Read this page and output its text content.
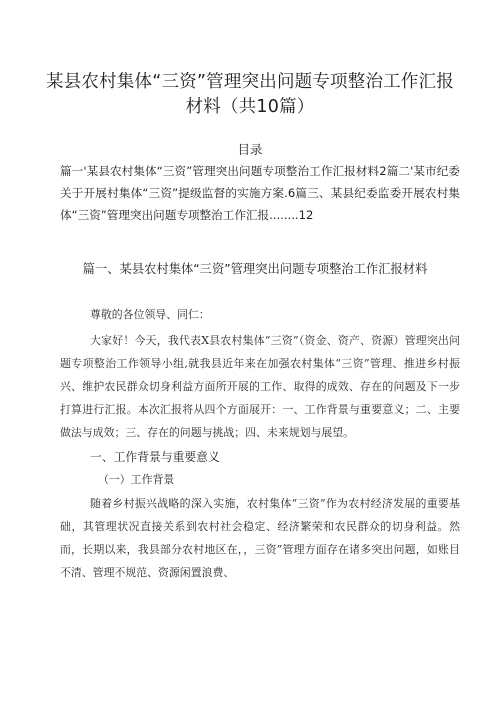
某县农村集体“三资”管理突出问题专项整治工作汇报材料（共10篇）
目录
篇一'某县农村集体“三资”管理突出问题专项整治工作汇报材料2篇二'某市纪委关于开展村集体“三资”提级监督的实施方案.6篇三、某县纪委监委开展农村集体“三资”管理突出问题专项整治工作汇报........12
篇一、某县农村集体“三资”管理突出问题专项整治工作汇报材料

尊敬的各位领导、同仁：

大家好！今天，我代表X县农村集体“三资”（资金、资产、资源）管理突出问题专项整治工作领导小组,就我县近年来在加强农村集体“三资”管理、推进乡村振兴、维护农民群众切身利益方面所开展的工作、取得的成效、存在的问题及下一步打算进行汇报。本次汇报将从四个方面展开：一、工作背景与重要意义；二、主要做法与成效；三、存在的问题与挑战；四、未来规划与展望。

一、工作背景与重要意义
（一）工作背景

随着乡村振兴战略的深入实施，农村集体“三资”作为农村经济发展的重要基础，其管理状况直接关系到农村社会稳定、经济繁荣和农民群众的切身利益。然而，长期以来，我县部分农村地区在，，三资”管理方面存在诸多突出问题，如账目不清、管理不规范、资源闲置浪费、
